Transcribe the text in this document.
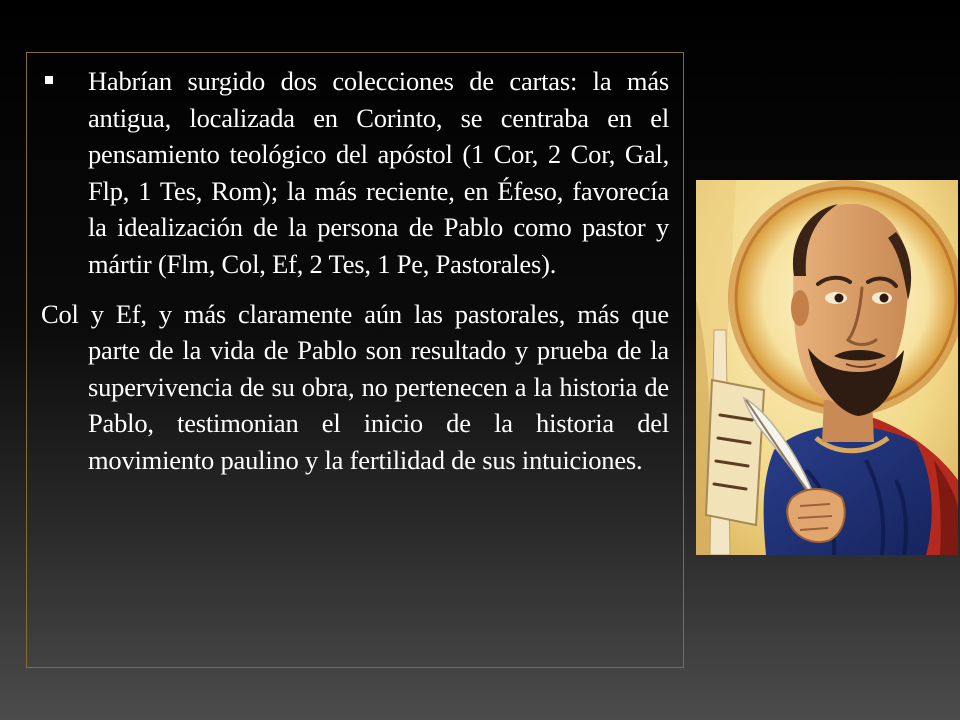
Habrían surgido dos colecciones de cartas: la más antigua, localizada en Corinto, se centraba en el pensamiento teológico del apóstol (1 Cor, 2 Cor, Gal, Flp, 1 Tes, Rom); la más reciente, en Éfeso, favorecía la idealización de la persona de Pablo como pastor y mártir (Flm, Col, Ef, 2 Tes, 1 Pe, Pastorales).

Col y Ef, y más claramente aún las pastorales, más que parte de la vida de Pablo son resultado y prueba de la supervivencia de su obra, no pertenecen a la historia de Pablo, testimonian el inicio de la historia del movimiento paulino y la fertilidad de sus intuiciones.
